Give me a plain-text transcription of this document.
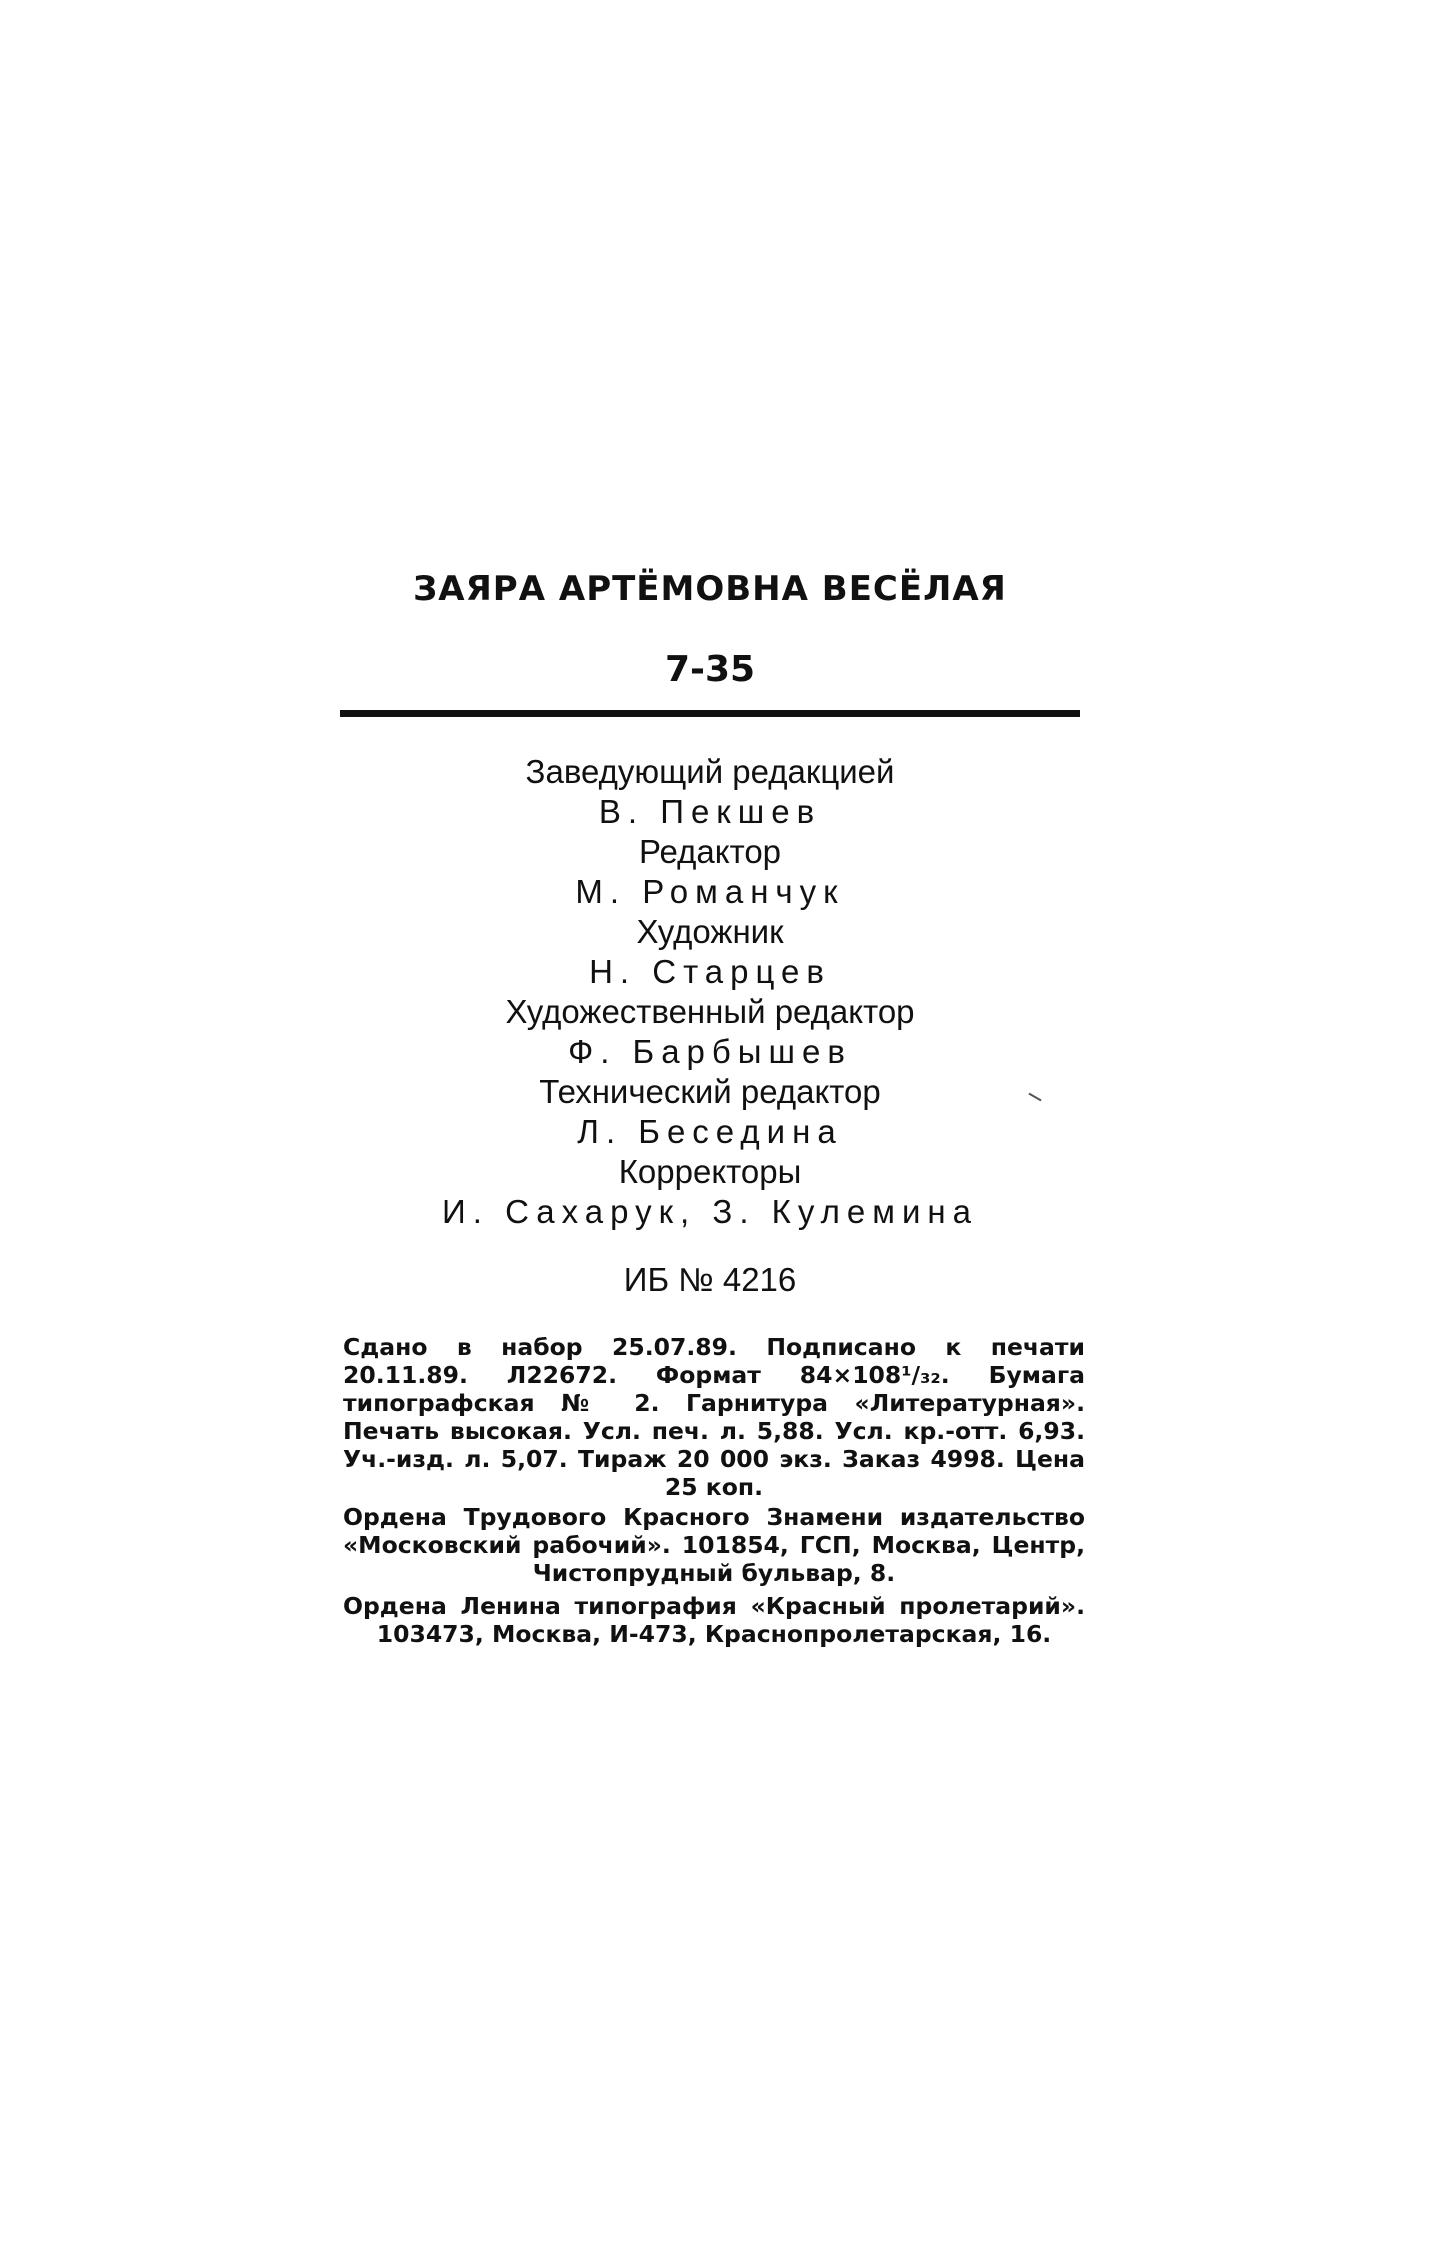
ЗАЯРА АРТЁМОВНА ВЕСЁЛАЯ
7-35
Заведующий редакцией
В. Пекшев
Редактор
М. Романчук
Художник
Н. Старцев
Художественный редактор
Ф. Барбышев
Технический редактор
Л. Беседина
Корректоры
И. Сахарук, З. Кулемина
ИБ № 4216
Сдано в набор 25.07.89. Подписано к печати 20.11.89. Л22672. Формат 84×108¹/₃₂. Бумага типографская № 2. Гарнитура «Литературная». Печать высокая. Усл. печ. л. 5,88. Усл. кр.-отт. 6,93. Уч.-изд. л. 5,07. Тираж 20 000 экз. Заказ 4998. Цена 25 коп.
Ордена Трудового Красного Знамени издательство «Московский рабочий». 101854, ГСП, Москва, Центр, Чистопрудный бульвар, 8.
Ордена Ленина типография «Красный пролетарий». 103473, Москва, И-473, Краснопролетарская, 16.
